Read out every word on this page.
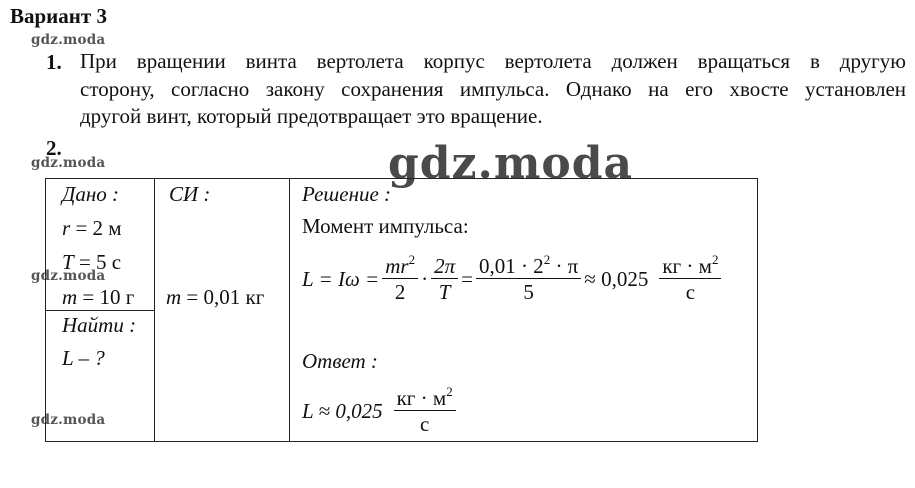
Вариант 3
gdz.moda
gdz.moda
gdz.moda
gdz.moda
gdz.moda
1. При вращении винта вертолета корпус вертолета должен вращаться в другую
сторону, согласно закону сохранения импульса. Однако на его хвосте установлен
другой винт, который предотвращает это вращение.
2.
Дано :
r = 2 м
T = 5 с
m = 10 г
Найти :
L – ?
СИ :
m = 0,01 кг
Решение :
Момент импульса:
$L = I\omega = \frac{mr^2}{2} \cdot \frac{2\pi}{T} = \frac{0,01 \cdot 2^2 \cdot \pi}{5} \approx 0,025 \frac{кг \cdot м^2}{с}$
Ответ :
$L \approx 0,025 \frac{кг \cdot м^2}{с}$
